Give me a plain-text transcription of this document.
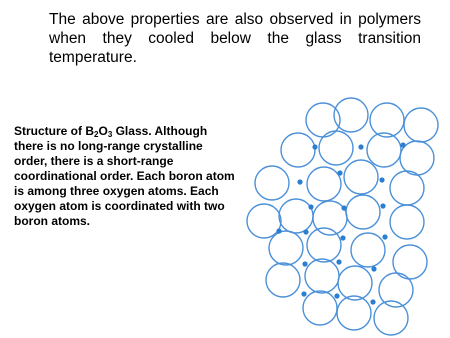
The above properties are also observed in polymers when they cooled below the glass transition temperature.

Structure of $B_2O_3$ Glass. Although there is no long-range crystalline order, there is a short-range coordinational order. Each boron atom is among three oxygen atoms. Each oxygen atom is coordinated with two boron atoms.
